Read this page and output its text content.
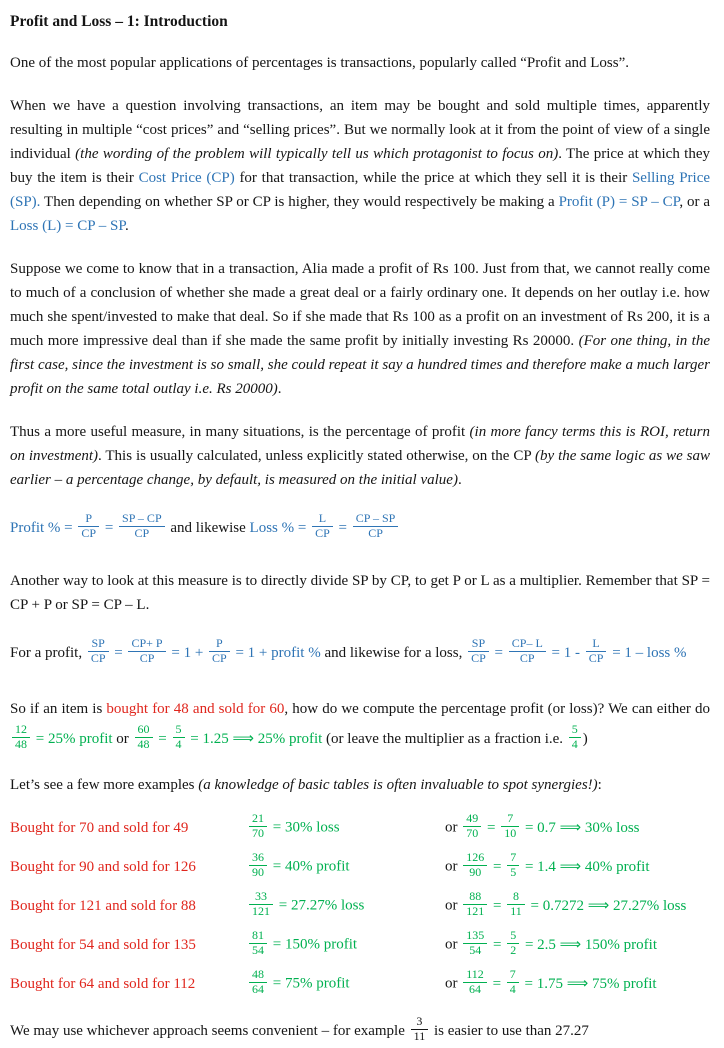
Profit and Loss – 1: Introduction

One of the most popular applications of percentages is transactions, popularly called “Profit and Loss”.

When we have a question involving transactions, an item may be bought and sold multiple times, apparently resulting in multiple “cost prices” and “selling prices”. But we normally look at it from the point of view of a single individual (the wording of the problem will typically tell us which protagonist to focus on). The price at which they buy the item is their Cost Price (CP) for that transaction, while the price at which they sell it is their Selling Price (SP). Then depending on whether SP or CP is higher, they would respectively be making a Profit (P) = SP – CP, or a Loss (L) = CP – SP.

Suppose we come to know that in a transaction, Alia made a profit of Rs 100. Just from that, we cannot really come to much of a conclusion of whether she made a great deal or a fairly ordinary one. It depends on her outlay i.e. how much she spent/invested to make that deal. So if she made that Rs 100 as a profit on an investment of Rs 200, it is a much more impressive deal than if she made the same profit by initially investing Rs 20000. (For one thing, in the first case, since the investment is so small, she could repeat it say a hundred times and therefore make a much larger profit on the same total outlay i.e. Rs 20000).

Thus a more useful measure, in many situations, is the percentage of profit (in more fancy terms this is ROI, return on investment). This is usually calculated, unless explicitly stated otherwise, on the CP (by the same logic as we saw earlier – a percentage change, by default, is measured on the initial value).

Profit % = $\frac{P}{CP} = \frac{SP - CP}{CP}$ and likewise Loss % = $\frac{L}{CP} = \frac{CP - SP}{CP}$

Another way to look at this measure is to directly divide SP by CP, to get P or L as a multiplier. Remember that SP = CP + P or SP = CP – L.

For a profit, $\frac{SP}{CP} = \frac{CP+ P}{CP} = 1 + \frac{P}{CP} = 1$ + profit % and likewise for a loss, $\frac{SP}{CP} = \frac{CP- L}{CP} = 1 - \frac{L}{CP} = 1$ – loss %

So if an item is bought for 48 and sold for 60, how do we compute the percentage profit (or loss)? We can either do
$\frac{12}{48} = 25\%$ profit or $\frac{60}{48} = \frac{5}{4} = 1.25$ ⟹ 25% profit (or leave the multiplier as a fraction i.e. $\frac{5}{4}$ )

Let’s see a few more examples (a knowledge of basic tables is often invaluable to spot synergies!):

Bought for 70 and sold for 49	$\frac{21}{70} = 30\%$ loss	or $\frac{49}{70} = \frac{7}{10} = 0.7$ ⟹ 30% loss
Bought for 90 and sold for 126	$\frac{36}{90} = 40\%$ profit	or $\frac{126}{90} = \frac{7}{5} = 1.4$ ⟹ 40% profit
Bought for 121 and sold for 88	$\frac{33}{121} = 27.27\%$ loss	or $\frac{88}{121} = \frac{8}{11} = 0.7272$ ⟹ 27.27% loss
Bought for 54 and sold for 135	$\frac{81}{54} = 150\%$ profit	or $\frac{135}{54} = \frac{5}{2} = 2.5$ ⟹ 150% profit
Bought for 64 and sold for 112	$\frac{48}{64} = 75\%$ profit	or $\frac{112}{64} = \frac{7}{4} = 1.75$ ⟹ 75% profit

We may use whichever approach seems convenient – for example $\frac{3}{11}$ is easier to use than 27.27
